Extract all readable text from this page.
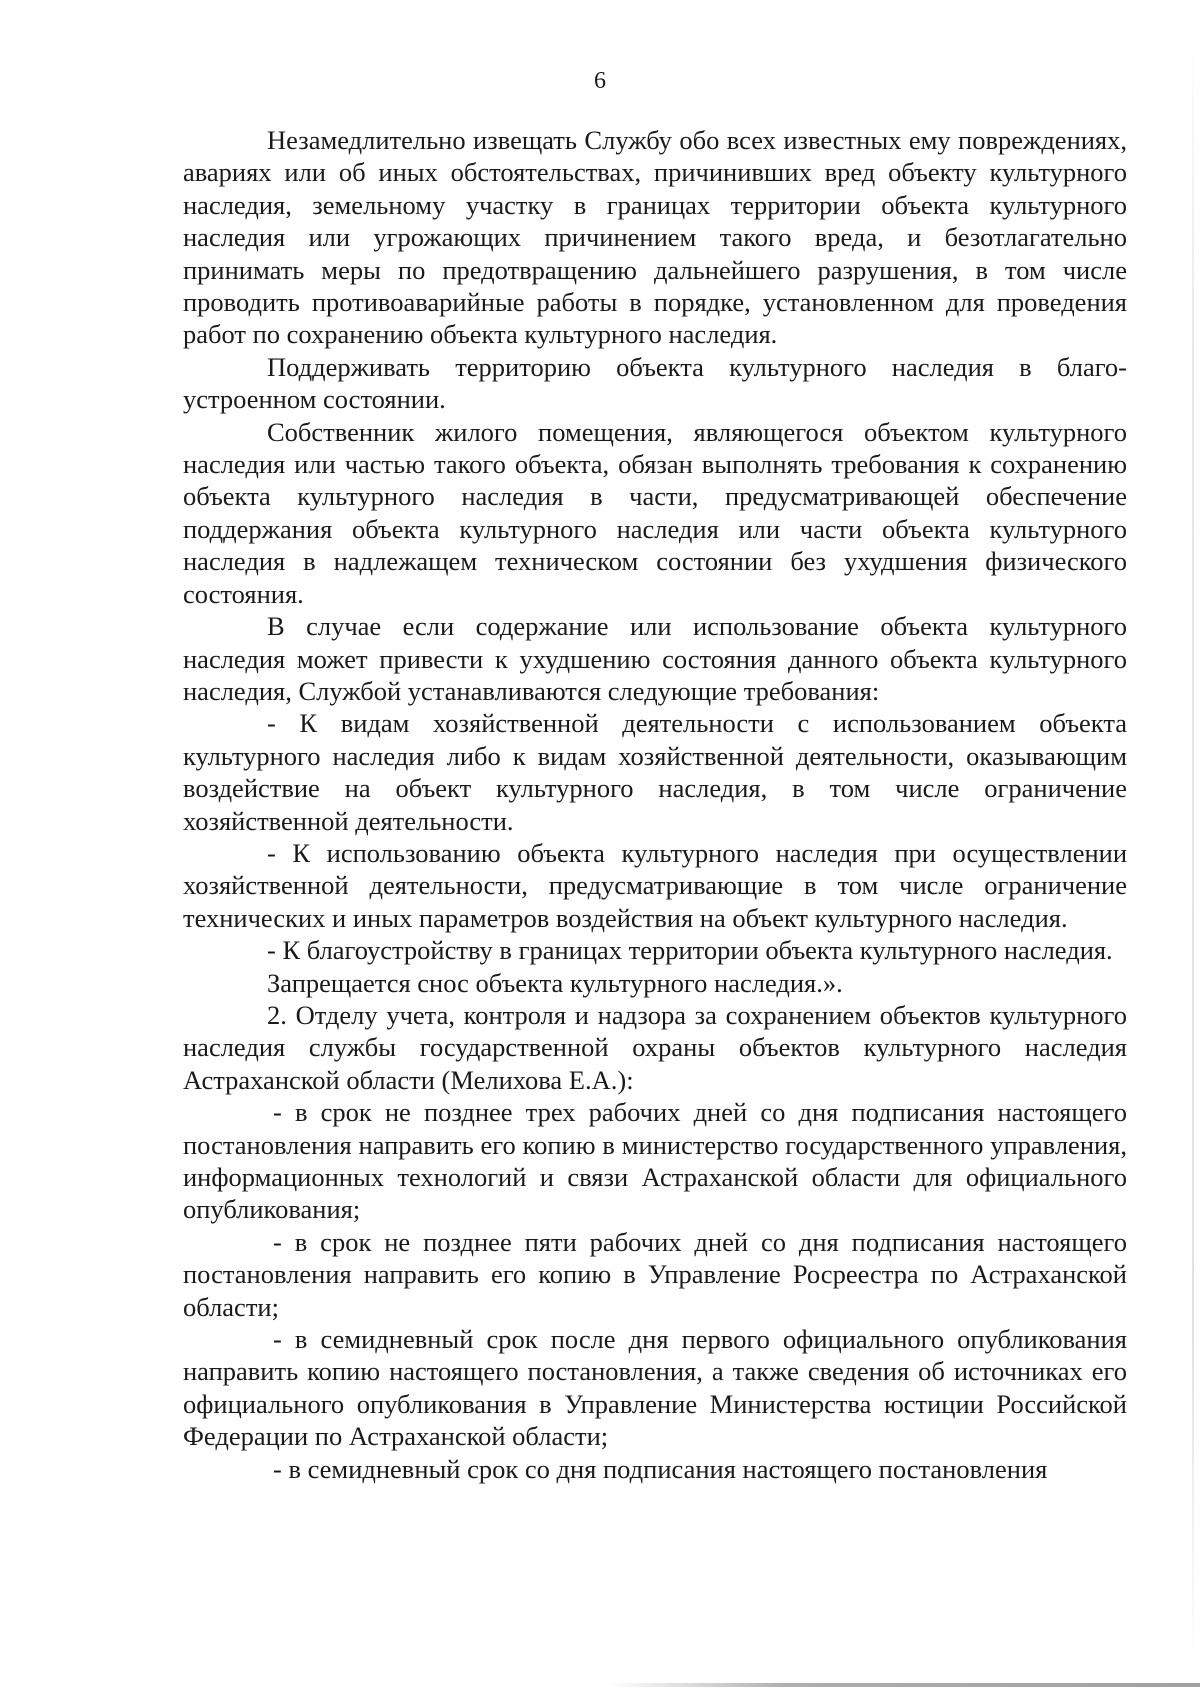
6

Незамедлительно извещать Службу обо всех известных ему повреждениях, авариях или об иных обстоятельствах, причинивших вред объекту культурного наследия, земельному участку в границах территории объекта культурного наследия или угрожающих причинением такого вреда, и безотлагательно принимать меры по предотвращению дальнейшего разрушения, в том числе проводить противоаварийные работы в порядке, установленном для проведения работ по сохранению объекта культурного наследия.

Поддерживать территорию объекта культурного наследия в благоустроенном состоянии.

Собственник жилого помещения, являющегося объектом культурного наследия или частью такого объекта, обязан выполнять требования к сохранению объекта культурного наследия в части, предусматривающей обеспечение поддержания объекта культурного наследия или части объекта культурного наследия в надлежащем техническом состоянии без ухудшения физического состояния.

В случае если содержание или использование объекта культурного наследия может привести к ухудшению состояния данного объекта культурного наследия, Службой устанавливаются следующие требования:

- К видам хозяйственной деятельности с использованием объекта культурного наследия либо к видам хозяйственной деятельности, оказывающим воздействие на объект культурного наследия, в том числе ограничение хозяйственной деятельности.

- К использованию объекта культурного наследия при осуществлении хозяйственной деятельности, предусматривающие в том числе ограничение технических и иных параметров воздействия на объект культурного наследия.

- К благоустройству в границах территории объекта культурного наследия.

Запрещается снос объекта культурного наследия.».

2. Отделу учета, контроля и надзора за сохранением объектов культурного наследия службы государственной охраны объектов культурного наследия Астраханской области (Мелихова Е.А.):

- в срок не позднее трех рабочих дней со дня подписания настоящего постановления направить его копию в министерство государственного управления, информационных технологий и связи Астраханской области для официального опубликования;

- в срок не позднее пяти рабочих дней со дня подписания настоящего постановления направить его копию в Управление Росреестра по Астраханской области;

- в семидневный срок после дня первого официального опубликования направить копию настоящего постановления, а также сведения об источниках его официального опубликования в Управление Министерства юстиции Российской Федерации по Астраханской области;

- в семидневный срок со дня подписания настоящего постановления
